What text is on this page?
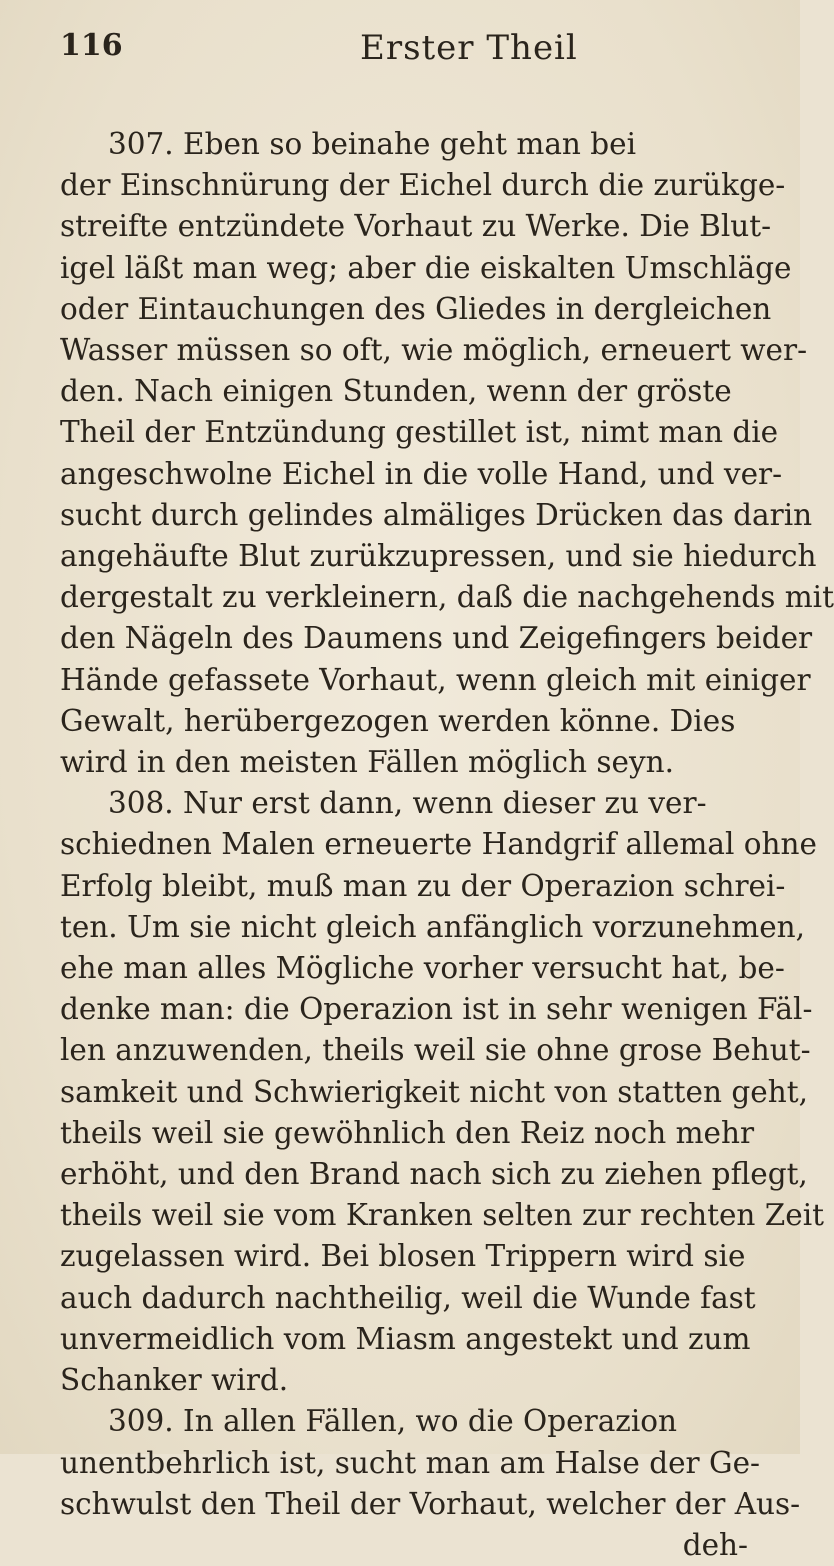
116	Erster Theil
307. Eben so beinahe geht man bei
der Einschnürung der Eichel durch die zurükge-
streifte entzündete Vorhaut zu Werke. Die Blut-
igel läßt man weg; aber die eiskalten Umschläge
oder Eintauchungen des Gliedes in dergleichen
Wasser müssen so oft, wie möglich, erneuert wer-
den. Nach einigen Stunden, wenn der gröste
Theil der Entzündung gestillet ist, nimt man die
angeschwolne Eichel in die volle Hand, und ver-
sucht durch gelindes almäliges Drücken das darin
angehäufte Blut zurükzupressen, und sie hiedurch
dergestalt zu verkleinern, daß die nachgehends mit
den Nägeln des Daumens und Zeigefingers beider
Hände gefassete Vorhaut, wenn gleich mit einiger
Gewalt, herübergezogen werden könne. Dies
wird in den meisten Fällen möglich seyn.
308. Nur erst dann, wenn dieser zu ver-
schiednen Malen erneuerte Handgrif allemal ohne
Erfolg bleibt, muß man zu der Operazion schrei-
ten. Um sie nicht gleich anfänglich vorzunehmen,
ehe man alles Mögliche vorher versucht hat, be-
denke man: die Operazion ist in sehr wenigen Fäl-
len anzuwenden, theils weil sie ohne grose Behut-
samkeit und Schwierigkeit nicht von statten geht,
theils weil sie gewöhnlich den Reiz noch mehr
erhöht, und den Brand nach sich zu ziehen pflegt,
theils weil sie vom Kranken selten zur rechten Zeit
zugelassen wird. Bei blosen Trippern wird sie
auch dadurch nachtheilig, weil die Wunde fast
unvermeidlich vom Miasm angestekt und zum
Schanker wird.
309. In allen Fällen, wo die Operazion
unentbehrlich ist, sucht man am Halse der Ge-
schwulst den Theil der Vorhaut, welcher der Aus-
deh-
